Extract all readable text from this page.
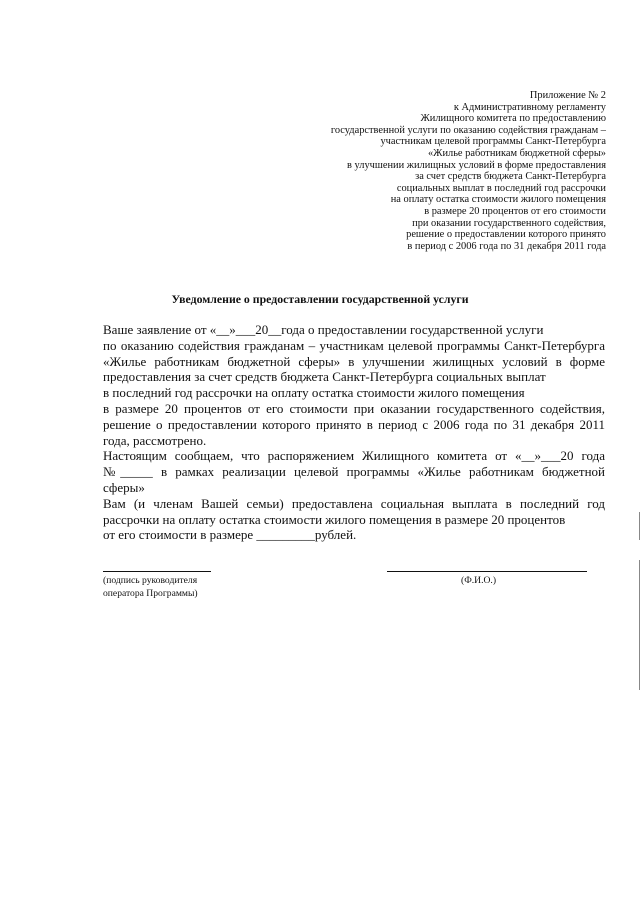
Приложение № 2
к Административному регламенту
Жилищного комитета по предоставлению
государственной услуги по оказанию содействия гражданам –
участникам целевой программы Санкт-Петербурга
«Жилье работникам бюджетной сферы»
в улучшении жилищных условий в форме предоставления
за счет средств бюджета Санкт-Петербурга
социальных выплат в последний год рассрочки
на оплату остатка стоимости жилого помещения
в размере 20 процентов от его стоимости
при оказании государственного содействия,
решение о предоставлении которого принято
в период с 2006 года по 31 декабря 2011 года
Уведомление о предоставлении государственной услуги
Ваше заявление от «__»___20__года о предоставлении государственной услуги
по оказанию содействия гражданам – участникам целевой программы Санкт-Петербурга
«Жилье работникам бюджетной сферы» в улучшении жилищных условий в форме
предоставления за счет средств бюджета Санкт-Петербурга социальных выплат
в последний год рассрочки на оплату остатка стоимости жилого помещения
в размере 20 процентов от его стоимости при оказании государственного содействия,
решение о предоставлении которого принято в период с 2006 года по 31 декабря 2011
года, рассмотрено.
Настоящим сообщаем, что распоряжением Жилищного комитета от «__»___20 года
№_____ в рамках реализации целевой программы «Жилье работникам бюджетной сферы»
Вам (и членам Вашей семьи) предоставлена социальная выплата в последний год
рассрочки на оплату остатка стоимости жилого помещения в размере 20 процентов
от его стоимости в размере _________рублей.
(подпись руководителя
оператора Программы)
(Ф.И.О.)
